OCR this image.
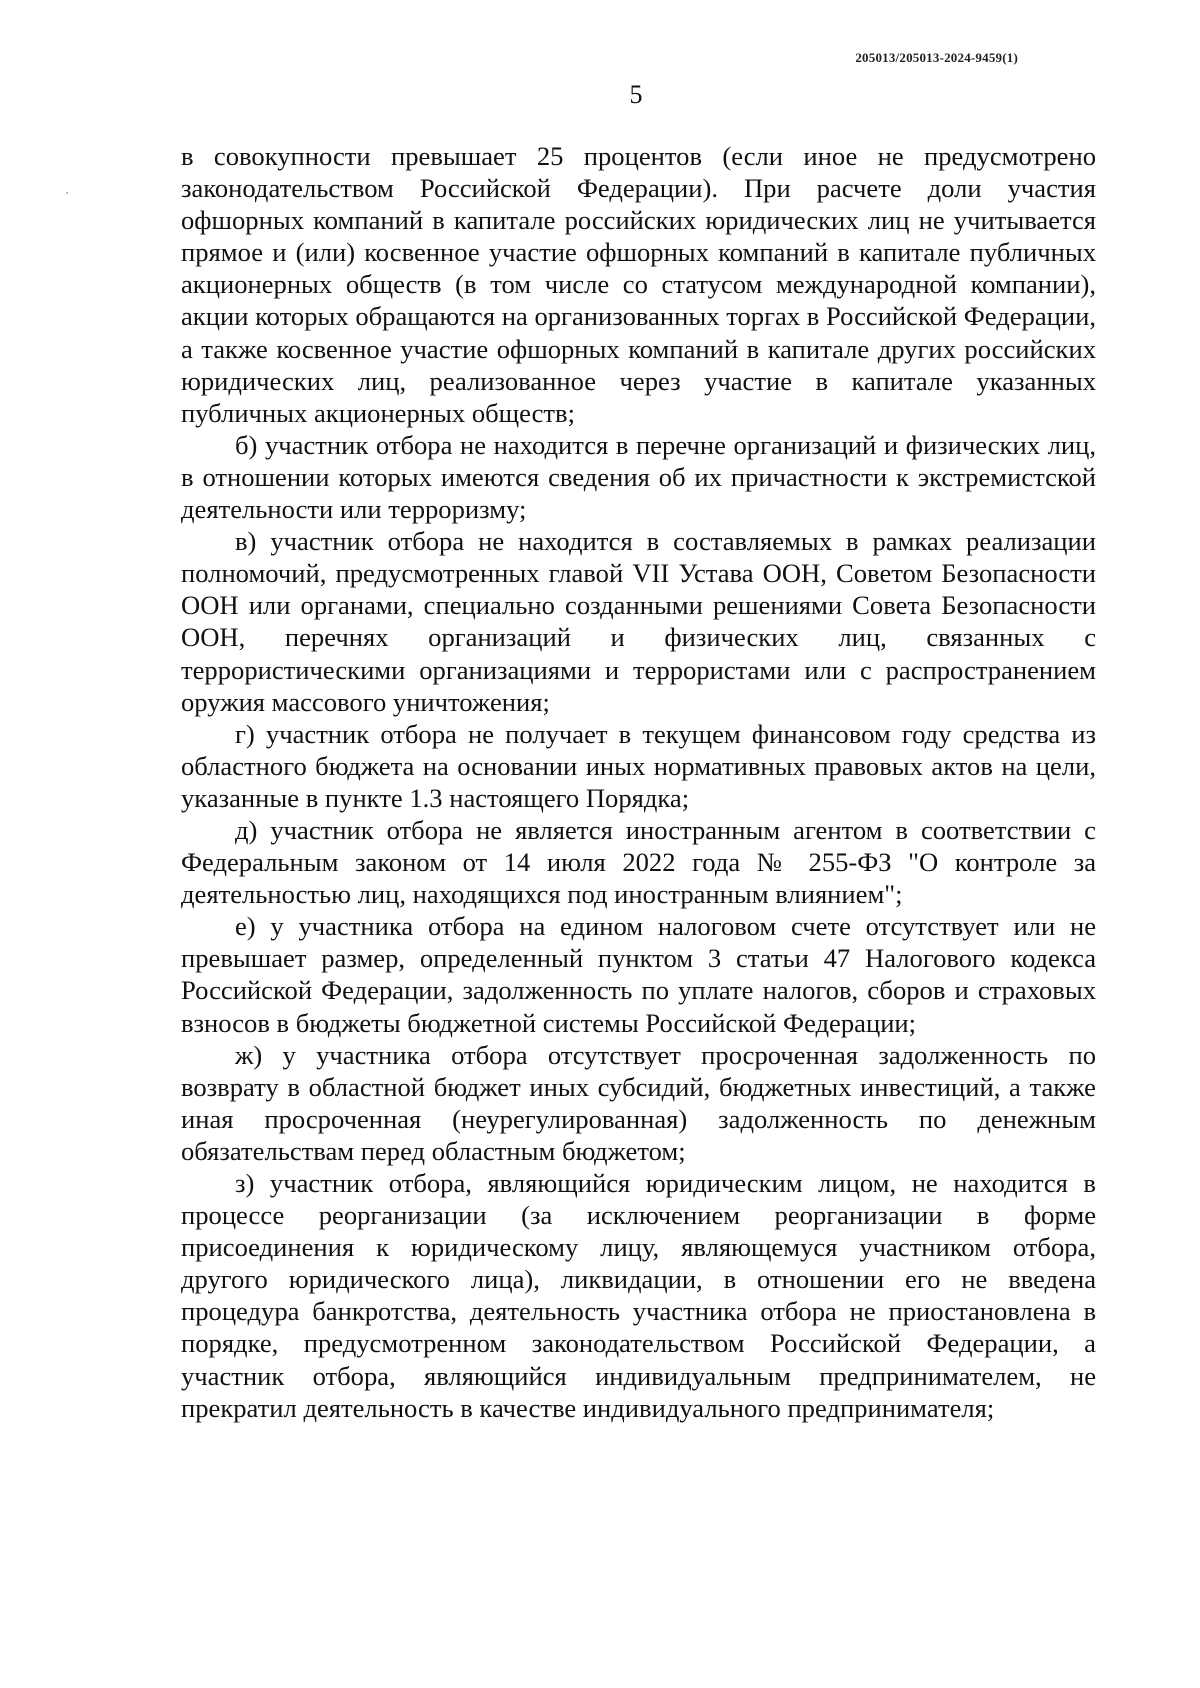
205013/205013-2024-9459(1)
5

в совокупности превышает 25 процентов (если иное не предусмотрено законодательством Российской Федерации). При расчете доли участия офшорных компаний в капитале российских юридических лиц не учитывается прямое и (или) косвенное участие офшорных компаний в капитале публичных акционерных обществ (в том числе со статусом международной компании), акции которых обращаются на организованных торгах в Российской Федерации, а также косвенное участие офшорных компаний в капитале других российских юридических лиц, реализованное через участие в капитале указанных публичных акционерных обществ;

б) участник отбора не находится в перечне организаций и физических лиц, в отношении которых имеются сведения об их причастности к экстремистской деятельности или терроризму;

в) участник отбора не находится в составляемых в рамках реализации полномочий, предусмотренных главой VII Устава ООН, Советом Безопасности ООН или органами, специально созданными решениями Совета Безопасности ООН, перечнях организаций и физических лиц, связанных с террористическими организациями и террористами или с распространением оружия массового уничтожения;

г) участник отбора не получает в текущем финансовом году средства из областного бюджета на основании иных нормативных правовых актов на цели, указанные в пункте 1.3 настоящего Порядка;

д) участник отбора не является иностранным агентом в соответствии с Федеральным законом от 14 июля 2022 года № 255-ФЗ "О контроле за деятельностью лиц, находящихся под иностранным влиянием";

е) у участника отбора на едином налоговом счете отсутствует или не превышает размер, определенный пунктом 3 статьи 47 Налогового кодекса Российской Федерации, задолженность по уплате налогов, сборов и страховых взносов в бюджеты бюджетной системы Российской Федерации;

ж) у участника отбора отсутствует просроченная задолженность по возврату в областной бюджет иных субсидий, бюджетных инвестиций, а также иная просроченная (неурегулированная) задолженность по денежным обязательствам перед областным бюджетом;

з) участник отбора, являющийся юридическим лицом, не находится в процессе реорганизации (за исключением реорганизации в форме присоединения к юридическому лицу, являющемуся участником отбора, другого юридического лица), ликвидации, в отношении его не введена процедура банкротства, деятельность участника отбора не приостановлена в порядке, предусмотренном законодательством Российской Федерации, а участник отбора, являющийся индивидуальным предпринимателем, не прекратил деятельность в качестве индивидуального предпринимателя;
